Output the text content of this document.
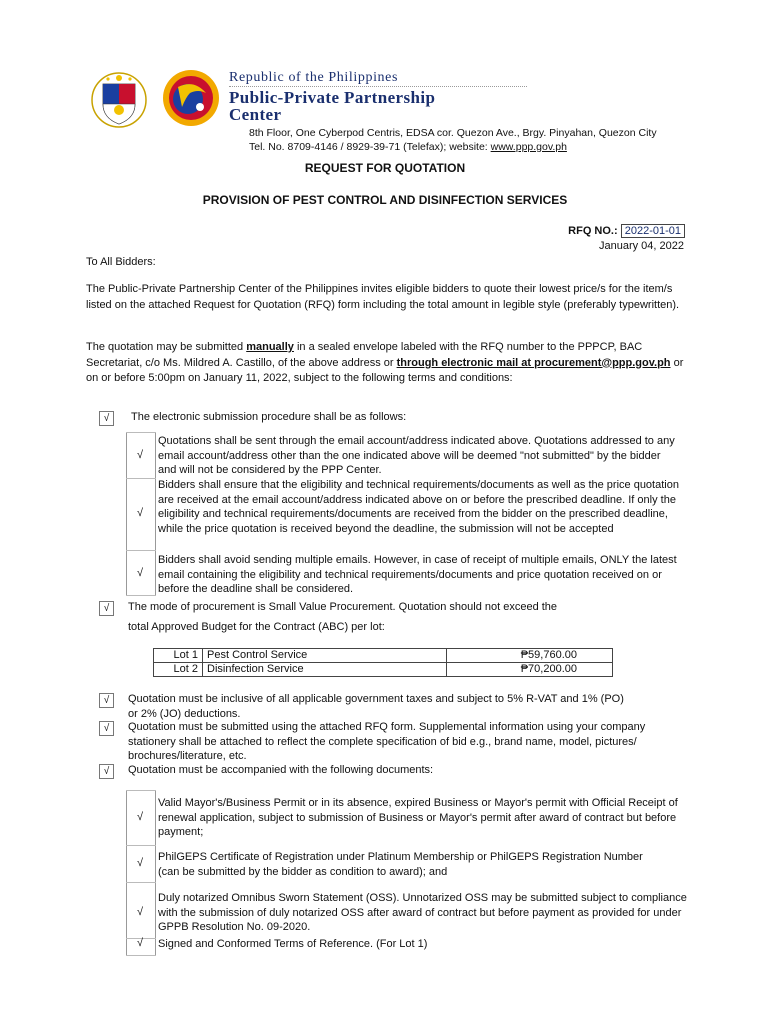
Republic of the Philippines
Public-Private Partnership
Center
8th Floor, One Cyberpod Centris, EDSA cor. Quezon Ave., Brgy. Pinyahan, Quezon City
Tel. No. 8709-4146 / 8929-39-71 (Telefax); website: www.ppp.gov.ph
REQUEST FOR QUOTATION
PROVISION OF PEST CONTROL AND DISINFECTION SERVICES
RFQ NO.: 2022-01-01
January 04, 2022
To All Bidders:
The Public-Private Partnership Center of the Philippines invites eligible bidders to quote their lowest price/s for the item/s listed on the attached Request for Quotation (RFQ) form including the total amount in legible style (preferably typewritten).
The quotation may be submitted manually in a sealed envelope labeled with the RFQ number to the PPPCP, BAC Secretariat, c/o Ms. Mildred A. Castillo, of the above address or through electronic mail at procurement@ppp.gov.ph or on or before 5:00pm on January 11, 2022, subject to the following terms and conditions:
√	The electronic submission procedure shall be as follows:
√
Quotations shall be sent through the email account/address indicated above. Quotations addressed to any email account/address other than the one indicated above will be deemed "not submitted" by the bidder and will not be considered by the PPP Center.
√
Bidders shall ensure that the eligibility and technical requirements/documents as well as the price quotation are received at the email account/address indicated above on or before the prescribed deadline. If only the eligibility and technical requirements/documents are received from the bidder on the prescribed deadline, while the price quotation is received beyond the deadline, the submission will not be accepted
√
Bidders shall avoid sending multiple emails. However, in case of receipt of multiple emails, ONLY the latest email containing the eligibility and technical requirements/documents and price quotation received on or before the deadline shall be considered.
√	The mode of procurement is Small Value Procurement. Quotation should not exceed the
total Approved Budget for the Contract (ABC) per lot:
Lot 1	Pest Control Service	₱59,760.00
Lot 2	Disinfection Service	₱70,200.00
√	Quotation must be inclusive of all applicable government taxes and subject to 5% R-VAT and 1% (PO) or 2% (JO) deductions.
√	Quotation must be submitted using the attached RFQ form. Supplemental information using your company stationery shall be attached to reflect the complete specification of bid e.g., brand name, model, pictures/ brochures/literature, etc.
√	Quotation must be accompanied with the following documents:
√
Valid Mayor's/Business Permit or in its absence, expired Business or Mayor's permit with Official Receipt of renewal application, subject to submission of Business or Mayor's permit after award of contract but before payment;
√ PhilGEPS Certificate of Registration under Platinum Membership or PhilGEPS Registration Number (can be submitted by the bidder as condition to award); and
√
Duly notarized Omnibus Sworn Statement (OSS). Unnotarized OSS may be submitted subject to compliance with the submission of duly notarized OSS after award of contract but before payment as provided for under GPPB Resolution No. 09-2020.
√ Signed and Conformed Terms of Reference. (For Lot 1)
